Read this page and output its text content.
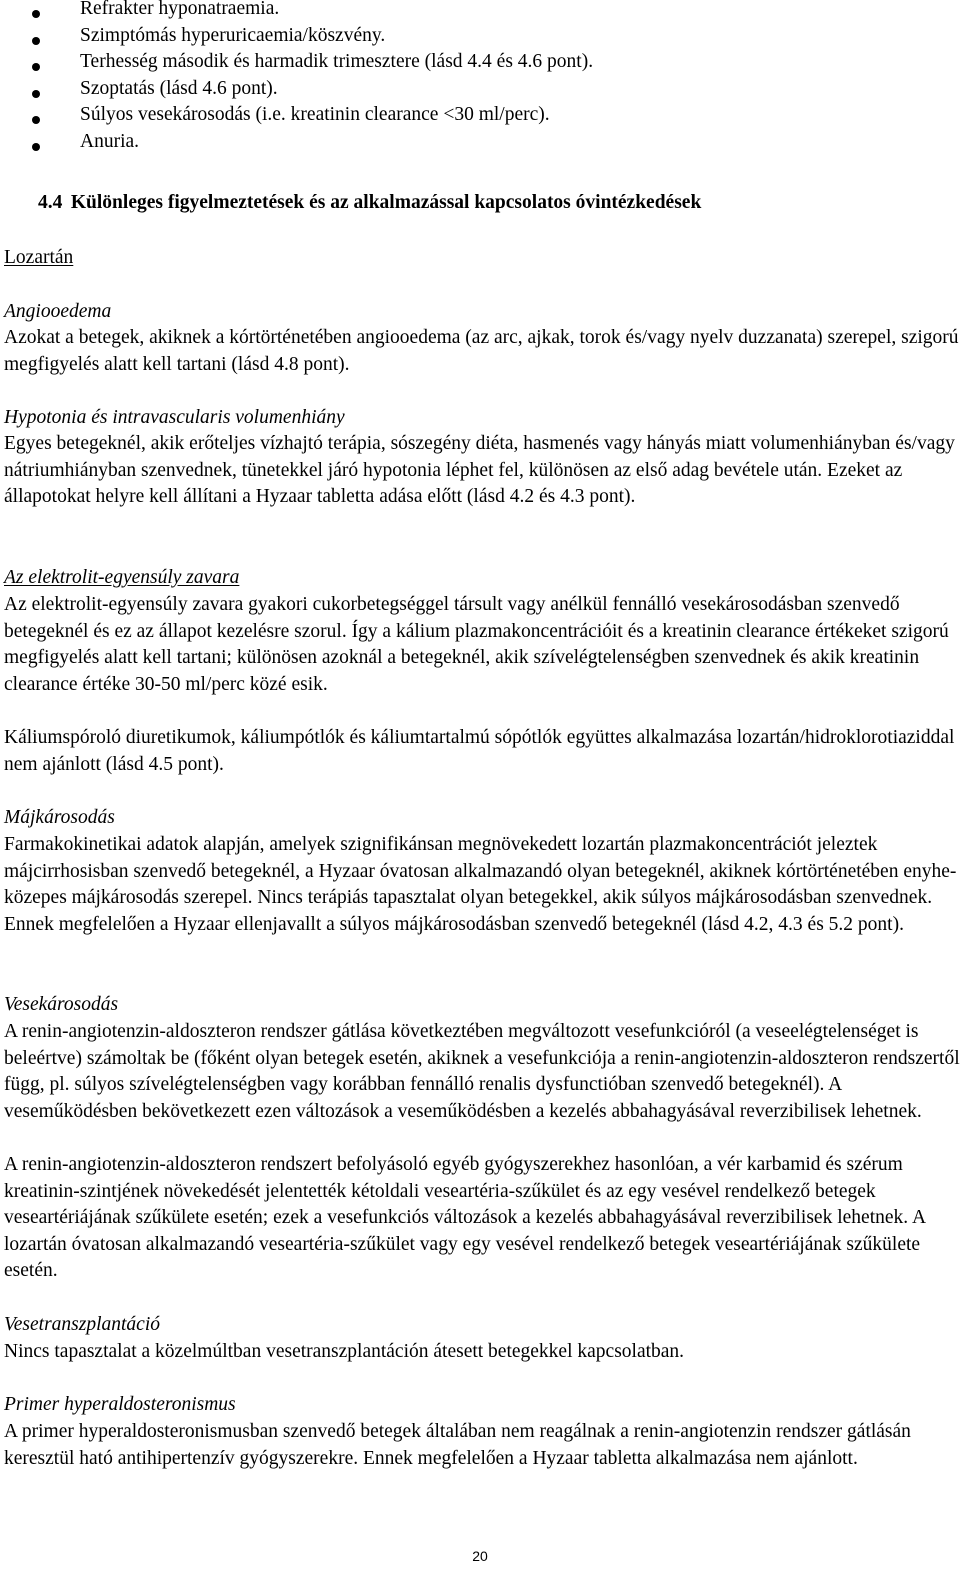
Refrakter hyponatraemia.
Szimptómás hyperuricaemia/köszvény.
Terhesség második és harmadik trimesztere (lásd 4.4 és 4.6 pont).
Szoptatás (lásd 4.6 pont).
Súlyos vesekárosodás (i.e. kreatinin clearance <30 ml/perc).
Anuria.
4.4 Különleges figyelmeztetések és az alkalmazással kapcsolatos óvintézkedések

Lozartán

Angiooedema

Azokat a betegek, akiknek a kórtörténetében angiooedema (az arc, ajkak, torok és/vagy nyelv duzzanata) szerepel, szigorú megfigyelés alatt kell tartani (lásd 4.8 pont).

Hypotonia és intravascularis volumenhiány

Egyes betegeknél, akik erőteljes vízhajtó terápia, sószegény diéta, hasmenés vagy hányás miatt volumenhiányban és/vagy nátriumhiányban szenvednek, tünetekkel járó hypotonia léphet fel, különösen az első adag bevétele után. Ezeket az állapotokat helyre kell állítani a Hyzaar tabletta adása előtt (lásd 4.2 és 4.3 pont).

Az elektrolit-egyensúly zavara

Az elektrolit-egyensúly zavara gyakori cukorbetegséggel társult vagy anélkül fennálló vesekárosodásban szenvedő betegeknél és ez az állapot kezelésre szorul. Így a kálium plazmakoncentrációit és a kreatinin clearance értékeket szigorú megfigyelés alatt kell tartani; különösen azoknál a betegeknél, akik szívelégtelenségben szenvednek és akik kreatinin clearance értéke 30-50 ml/perc közé esik.

Káliumspóroló diuretikumok, káliumpótlók és káliumtartalmú sópótlók együttes alkalmazása lozartán/hidroklorotiaziddal nem ajánlott (lásd 4.5 pont).

Májkárosodás

Farmakokinetikai adatok alapján, amelyek szignifikánsan megnövekedett lozartán plazmakoncentrációt jeleztek májcirrhosisban szenvedő betegeknél, a Hyzaar óvatosan alkalmazandó olyan betegeknél, akiknek kórtörténetében enyhe-közepes májkárosodás szerepel. Nincs terápiás tapasztalat olyan betegekkel, akik súlyos májkárosodásban szenvednek. Ennek megfelelően a Hyzaar ellenjavallt a súlyos májkárosodásban szenvedő betegeknél (lásd 4.2, 4.3 és 5.2 pont).

Vesekárosodás

A renin-angiotenzin-aldoszteron rendszer gátlása következtében megváltozott vesefunkcióról (a veseelégtelenséget is beleértve) számoltak be (főként olyan betegek esetén, akiknek a vesefunkciója a renin-angiotenzin-aldoszteron rendszertől függ, pl. súlyos szívelégtelenségben vagy korábban fennálló renalis dysfunctióban szenvedő betegeknél). A veseműködésben bekövetkezett ezen változások a veseműködésben a kezelés abbahagyásával reverzibilisek lehetnek.

A renin-angiotenzin-aldoszteron rendszert befolyásoló egyéb gyógyszerekhez hasonlóan, a vér karbamid és szérum kreatinin-szintjének növekedését jelentették kétoldali veseartéria-szűkület és az egy vesével rendelkező betegek veseartériájának szűkülete esetén; ezek a vesefunkciós változások a kezelés abbahagyásával reverzibilisek lehetnek. A lozartán óvatosan alkalmazandó veseartéria-szűkület vagy egy vesével rendelkező betegek veseartériájának szűkülete esetén.

Vesetranszplantáció

Nincs tapasztalat a közelmúltban vesetranszplantáción átesett betegekkel kapcsolatban.

Primer hyperaldosteronismus

A primer hyperaldosteronismusban szenvedő betegek általában nem reagálnak a renin-angiotenzin rendszer gátlásán keresztül ható antihipertenzív gyógyszerekre. Ennek megfelelően a Hyzaar tabletta alkalmazása nem ajánlott.

20
